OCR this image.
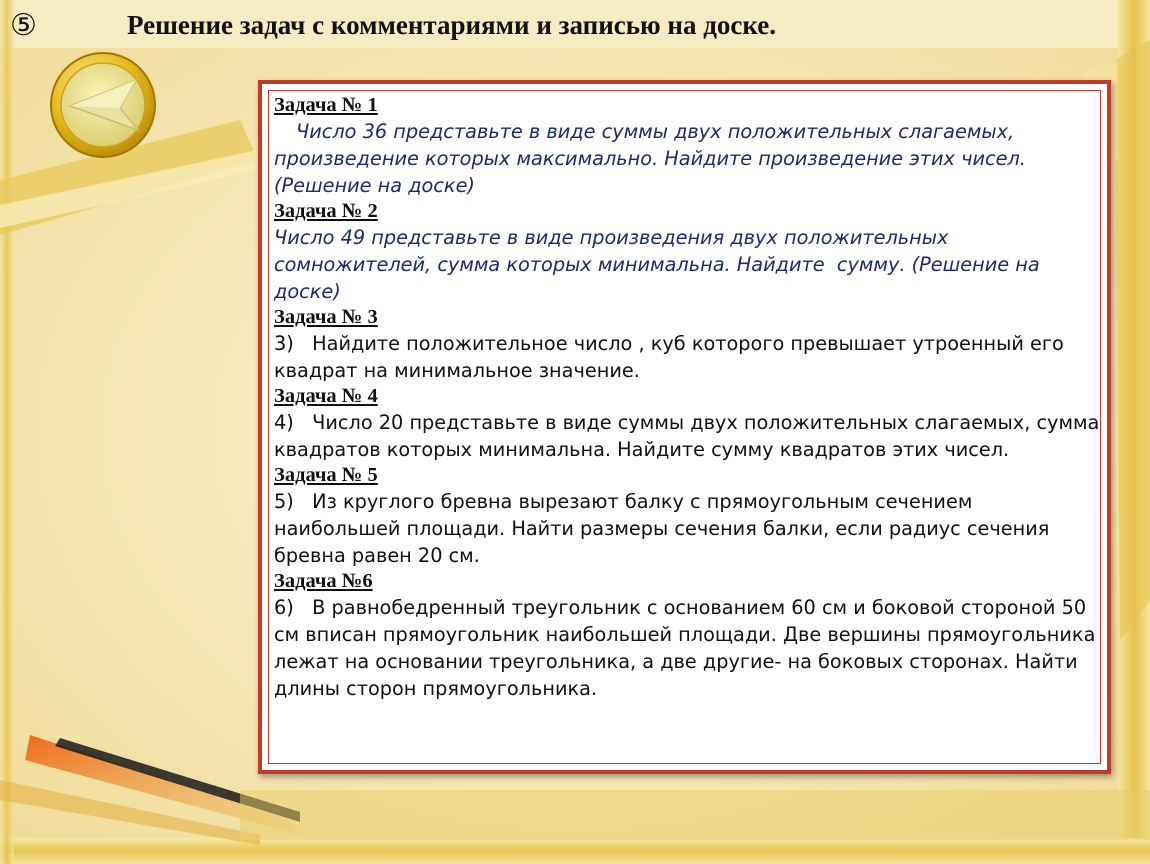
⑤	Решение задач с комментариями и записью на доске.

Задача № 1

Число 36 представьте в виде суммы двух положительных слагаемых, произведение которых максимально. Найдите произведение этих чисел. (Решение на доске)

Задача № 2

Число 49 представьте в виде произведения двух положительных сомножителей, сумма которых минимальна. Найдите  сумму. (Решение на доске)

Задача № 3

3)   Найдите положительное число , куб которого превышает утроенный его квадрат на минимальное значение.

Задача № 4

4)   Число 20 представьте в виде суммы двух положительных слагаемых, сумма квадратов которых минимальна. Найдите сумму квадратов этих чисел.

Задача № 5

5)   Из круглого бревна вырезают балку с прямоугольным сечением наибольшей площади. Найти размеры сечения балки, если радиус сечения бревна равен 20 см.

Задача №6

6)   В равнобедренный треугольник с основанием 60 см и боковой стороной 50 см вписан прямоугольник наибольшей площади. Две вершины прямоугольника лежат на основании треугольника, а две другие- на боковых сторонах. Найти длины сторон прямоугольника.
